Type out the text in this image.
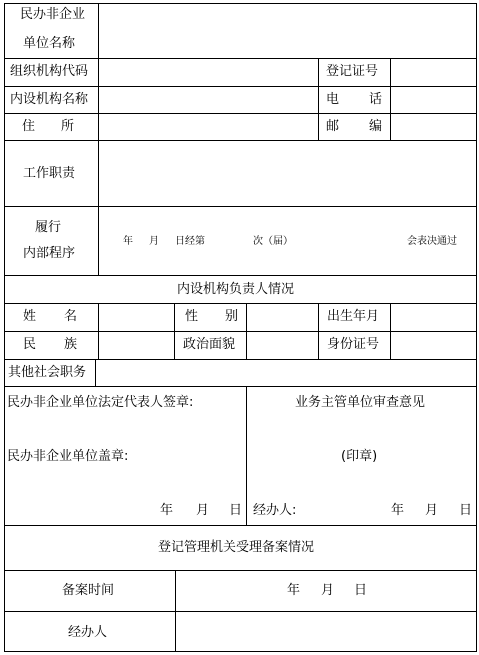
民办非企业
单位名称
组织机构代码	登记证号
内设机构名称	电 话
住 所	邮 编
工作职责
履行
内部程序
年 月 日经第	次（届）	会表决通过
内设机构负责人情况
姓 名	性 别	出生年月
民 族	政治面貌	身份证号
其他社会职务
民办非企业单位法定代表人签章:
民办非企业单位盖章:
年 月 日
业务主管单位审查意见
(印章)
经办人:	年 月 日
登记管理机关受理备案情况
备案时间	年 月 日
经办人
